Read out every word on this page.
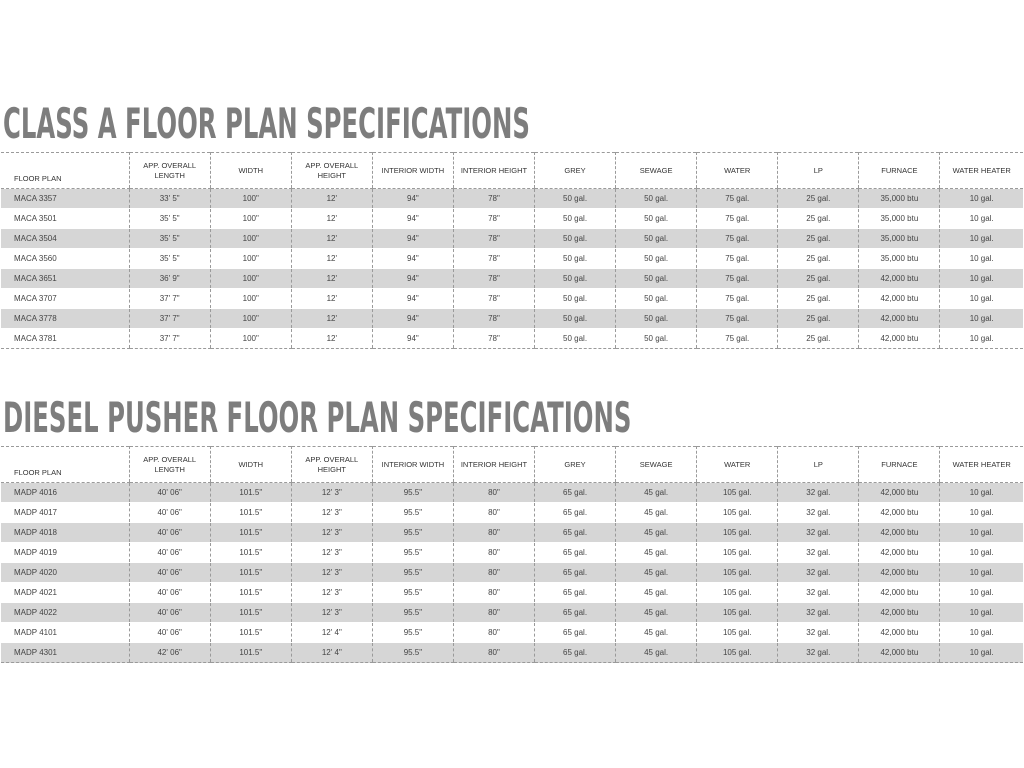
CLASS A FLOOR PLAN SPECIFICATIONS
FLOOR PLAN	APP. OVERALL LENGTH	WIDTH	APP. OVERALL HEIGHT	INTERIOR WIDTH	INTERIOR HEIGHT	GREY	SEWAGE	WATER	LP	FURNACE	WATER HEATER
MACA 3357	33' 5"	100"	12'	94"	78"	50 gal.	50 gal.	75 gal.	25 gal.	35,000 btu	10 gal.
MACA 3501	35' 5"	100"	12'	94"	78"	50 gal.	50 gal.	75 gal.	25 gal.	35,000 btu	10 gal.
MACA 3504	35' 5"	100"	12'	94"	78"	50 gal.	50 gal.	75 gal.	25 gal.	35,000 btu	10 gal.
MACA 3560	35' 5"	100"	12'	94"	78"	50 gal.	50 gal.	75 gal.	25 gal.	35,000 btu	10 gal.
MACA 3651	36' 9"	100"	12'	94"	78"	50 gal.	50 gal.	75 gal.	25 gal.	42,000 btu	10 gal.
MACA 3707	37' 7"	100"	12'	94"	78"	50 gal.	50 gal.	75 gal.	25 gal.	42,000 btu	10 gal.
MACA 3778	37' 7"	100"	12'	94"	78"	50 gal.	50 gal.	75 gal.	25 gal.	42,000 btu	10 gal.
MACA 3781	37' 7"	100"	12'	94"	78"	50 gal.	50 gal.	75 gal.	25 gal.	42,000 btu	10 gal.
DIESEL PUSHER FLOOR PLAN SPECIFICATIONS
FLOOR PLAN	APP. OVERALL LENGTH	WIDTH	APP. OVERALL HEIGHT	INTERIOR WIDTH	INTERIOR HEIGHT	GREY	SEWAGE	WATER	LP	FURNACE	WATER HEATER
MADP 4016	40' 06"	101.5"	12' 3"	95.5"	80"	65 gal.	45 gal.	105 gal.	32 gal.	42,000 btu	10 gal.
MADP 4017	40' 06"	101.5"	12' 3"	95.5"	80"	65 gal.	45 gal.	105 gal.	32 gal.	42,000 btu	10 gal.
MADP 4018	40' 06"	101.5"	12' 3"	95.5"	80"	65 gal.	45 gal.	105 gal.	32 gal.	42,000 btu	10 gal.
MADP 4019	40' 06"	101.5"	12' 3"	95.5"	80"	65 gal.	45 gal.	105 gal.	32 gal.	42,000 btu	10 gal.
MADP 4020	40' 06"	101.5"	12' 3"	95.5"	80"	65 gal.	45 gal.	105 gal.	32 gal.	42,000 btu	10 gal.
MADP 4021	40' 06"	101.5"	12' 3"	95.5"	80"	65 gal.	45 gal.	105 gal.	32 gal.	42,000 btu	10 gal.
MADP 4022	40' 06"	101.5"	12' 3"	95.5"	80"	65 gal.	45 gal.	105 gal.	32 gal.	42,000 btu	10 gal.
MADP 4101	40' 06"	101.5"	12' 4"	95.5"	80"	65 gal.	45 gal.	105 gal.	32 gal.	42,000 btu	10 gal.
MADP 4301	42' 06"	101.5"	12' 4"	95.5"	80"	65 gal.	45 gal.	105 gal.	32 gal.	42,000 btu	10 gal.
